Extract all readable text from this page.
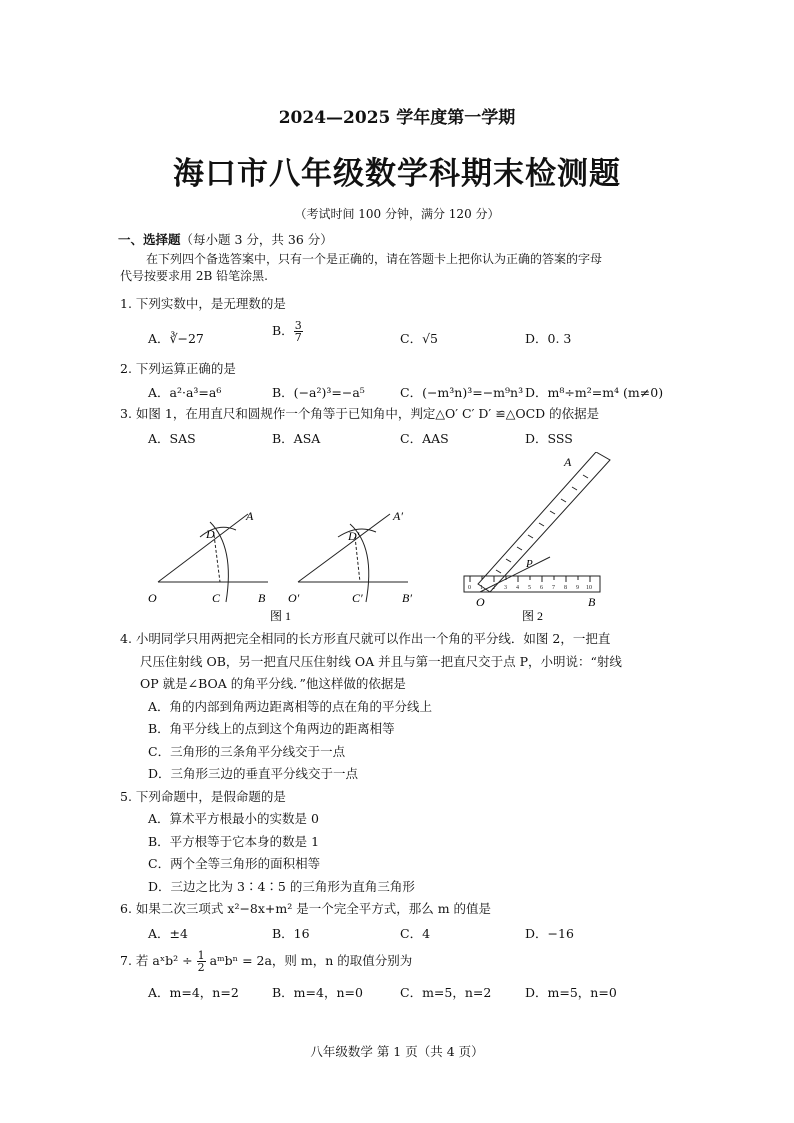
2024—2025 学年度第一学期
海口市八年级数学科期末检测题
（考试时间 100 分钟，满分 120 分）
一、选择题（每小题 3 分，共 36 分）
在下列四个备选答案中，只有一个是正确的，请在答题卡上把你认为正确的答案的字母
代号按要求用 2B 铅笔涂黑.
1. 下列实数中，是无理数的是
A．∛−27
B． $\frac{3}{7}$	C．√5	D．0. 3
2. 下列运算正确的是
A．a²·a³=a⁶	B．(−a²)³=−a⁵	C．(−m³n)³=−m⁹n³ D．m⁸÷m²=m⁴ (m≠0)
3. 如图 1，在用直尺和圆规作一个角等于已知角中，判定△O′ C′ D′ ≌△OCD 的依据是
A．SAS	B．ASA	C．AAS	D．SSS
O	C	B
D
A
O′	C′	B′
D′
A′
图 1
0 1 2 3 4 5 6 7 8 9 10
A
O	B
P
图 2
4. 小明同学只用两把完全相同的长方形直尺就可以作出一个角的平分线．如图 2，一把直
尺压住射线 OB，另一把直尺压住射线 OA 并且与第一把直尺交于点 P，小明说：“射线
OP 就是∠BOA 的角平分线．”他这样做的依据是
A．角的内部到角两边距离相等的点在角的平分线上
B．角平分线上的点到这个角两边的距离相等
C．三角形的三条角平分线交于一点
D．三角形三边的垂直平分线交于一点
5. 下列命题中，是假命题的是
A．算术平方根最小的实数是 0
B．平方根等于它本身的数是 1
C．两个全等三角形的面积相等
D．三边之比为 3∶4∶5 的三角形为直角三角形
6. 如果二次三项式 x²−8x+m² 是一个完全平方式，那么 m 的值是
A．±4	B．16	C．4	D．−16
7. 若 aˣb² ÷ $\frac{1}{2}$ aᵐbⁿ = 2a，则 m，n 的取值分别为
A．m=4，n=2	B．m=4，n=0	C．m=5，n=2	D．m=5，n=0
八年级数学 第 1 页（共 4 页）
